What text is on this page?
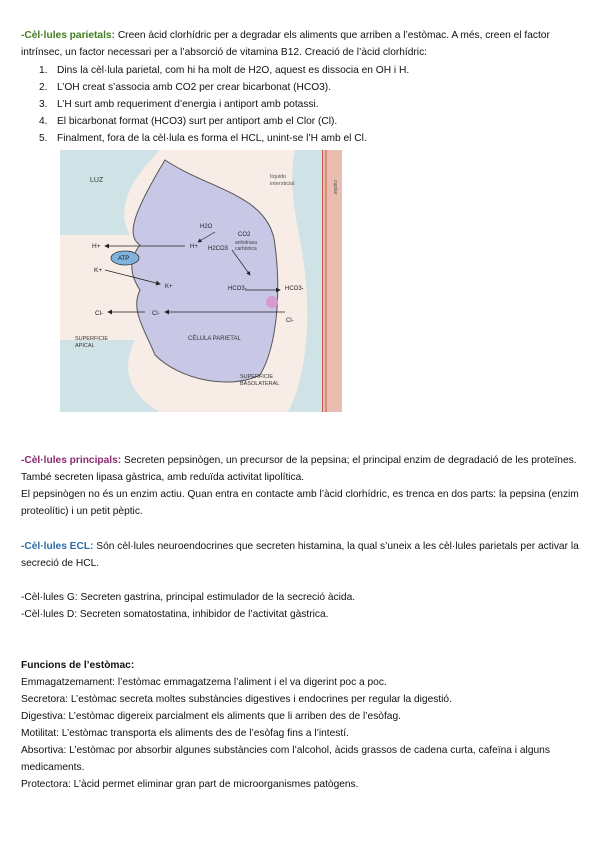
-Cèl·lules parietals: Creen àcid clorhídric per a degradar els aliments que arriben a l’estòmac. A més, creen el factor intrínsec, un factor necessari per a l’absorció de vitamina B12. Creació de l’àcid clorhídric:
1. Dins la cèl·lula parietal, com hi ha molt de H2O, aquest es dissocia en OH i H.
2. L’OH creat s’associa amb CO2 per crear bicarbonat (HCO3).
3. L’H surt amb requeriment d’energia i antiport amb potassi.
4. El bicarbonat format (HCO3) surt per antiport amb el Clor (Cl).
5. Finalment, fora de la cèl·lula es forma el HCL, unint-se l’H amb el Cl.
LUZ	líquido
intersticial	capilar
H2O
CO2
anhidrasa
carbónica
H2CO3
H+
H+
ATP
K+
K+	HCO3-	HCO3-
Cl-	Cl-
Cl-
SUPERFICIE
APICAL
CÉLULA PARIETAL
SUPERFICIE
BASOLATERAL
-Cèl·lules principals: Secreten pepsinògen, un precursor de la pepsina; el principal enzim de degradació de les proteïnes. També secreten lipasa gàstrica, amb reduïda activitat lipolítica.
El pepsinògen no és un enzim actiu. Quan entra en contacte amb l’àcid clorhídric, es trenca en dos parts: la pepsina (enzim proteolític) i un petit pèptic.
-Cèl·lules ECL: Són cèl·lules neuroendocrines que secreten histamina, la qual s’uneix a les cèl·lules parietals per activar la secreció de HCL.
-Cèl·lules G: Secreten gastrina, principal estimulador de la secreció àcida.
-Cèl·lules D: Secreten somatostatina, inhibidor de l’activitat gàstrica.
Funcions de l’estòmac:
Emmagatzemament: l’estòmac emmagatzema l’aliment i el va digerint poc a poc.
Secretora: L’estòmac secreta moltes substàncies digestives i endocrines per regular la digestió.
Digestiva: L’estòmac digereix parcialment els aliments que li arriben des de l’esòfag.
Motilitat: L’estòmac transporta els aliments des de l’esòfag fins a l’intestí.
Absortiva: L’estòmac por absorbir algunes substàncies com l’alcohol, àcids grassos de cadena curta, cafeïna i alguns medicaments.
Protectora: L’àcid permet eliminar gran part de microorganismes patògens.
